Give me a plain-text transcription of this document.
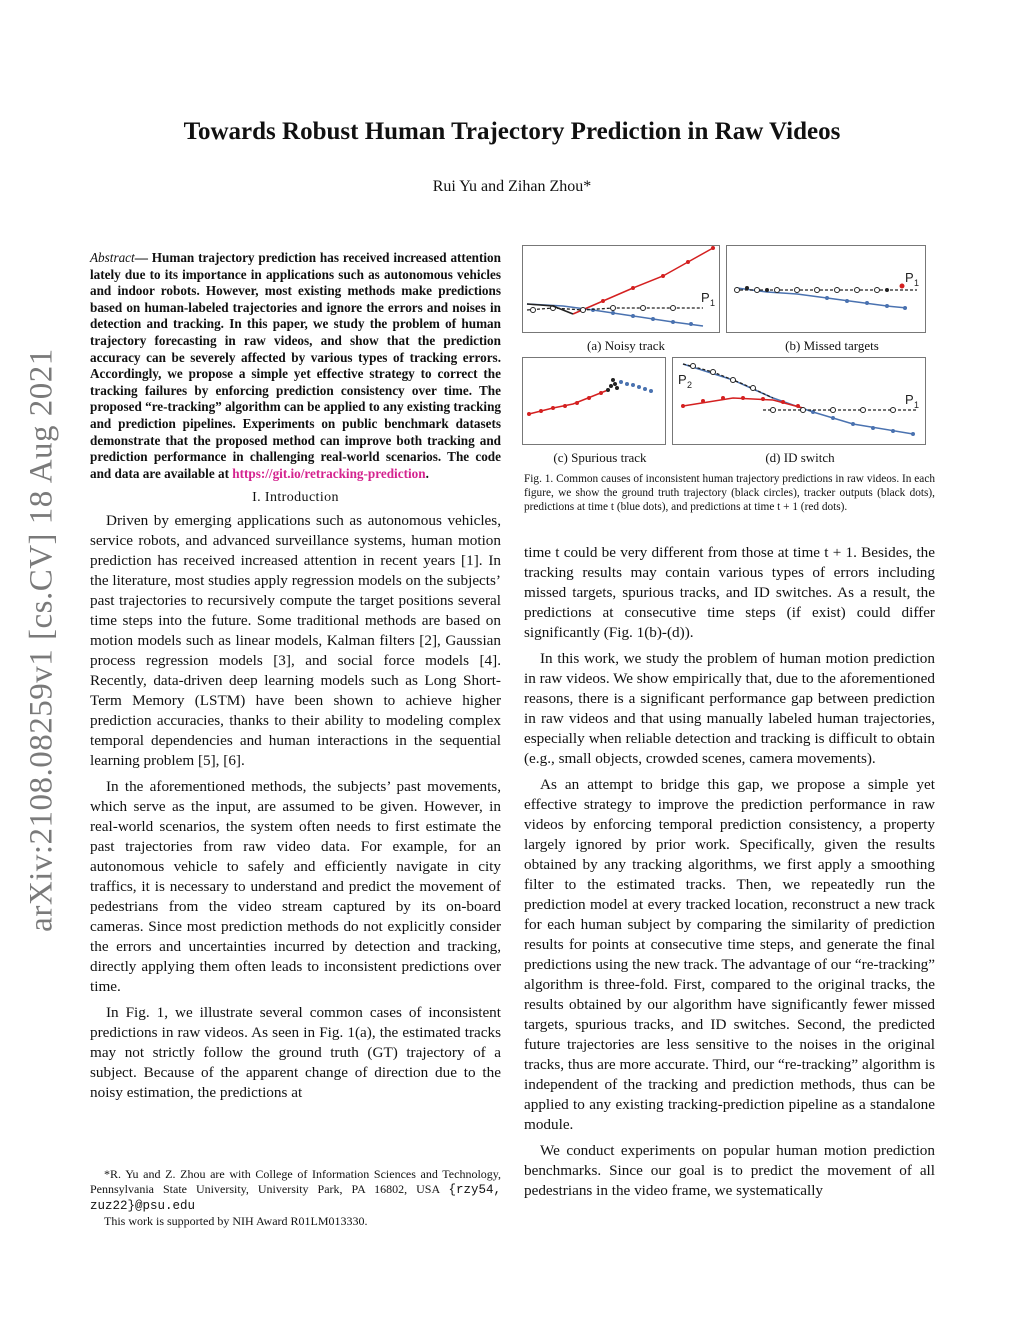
arXiv:2108.08259v1 [cs.CV] 18 Aug 2021
Towards Robust Human Trajectory Prediction in Raw Videos
Rui Yu and Zihan Zhou*
Abstract— Human trajectory prediction has received increased attention lately due to its importance in applications such as autonomous vehicles and indoor robots. However, most existing methods make predictions based on human-labeled trajectories and ignore the errors and noises in detection and tracking. In this paper, we study the problem of human trajectory forecasting in raw videos, and show that the prediction accuracy can be severely affected by various types of tracking errors. Accordingly, we propose a simple yet effective strategy to correct the tracking failures by enforcing prediction consistency over time. The proposed “re-tracking” algorithm can be applied to any existing tracking and prediction pipelines. Experiments on public benchmark datasets demonstrate that the proposed method can improve both tracking and prediction performance in challenging real-world scenarios. The code and data are available at https://git.io/retracking-prediction.
I. Introduction

Driven by emerging applications such as autonomous vehicles, service robots, and advanced surveillance systems, human motion prediction has received increased attention in recent years [1]. In the literature, most studies apply regression models on the subjects’ past trajectories to recursively compute the target positions several time steps into the future. Some traditional methods are based on motion models such as linear models, Kalman filters [2], Gaussian process regression models [3], and social force models [4]. Recently, data-driven deep learning models such as Long Short-Term Memory (LSTM) have been shown to achieve higher prediction accuracies, thanks to their ability to modeling complex temporal dependencies and human interactions in the sequential learning problem [5], [6].

In the aforementioned methods, the subjects’ past movements, which serve as the input, are assumed to be given. However, in real-world scenarios, the system often needs to first estimate the past trajectories from raw video data. For example, for an autonomous vehicle to safely and efficiently navigate in city traffics, it is necessary to understand and predict the movement of pedestrians from the video stream captured by its on-board cameras. Since most prediction methods do not explicitly consider the errors and uncertainties incurred by detection and tracking, directly applying them often leads to inconsistent predictions over time.

In Fig. 1, we illustrate several common cases of inconsistent predictions in raw videos. As seen in Fig. 1(a), the estimated tracks may not strictly follow the ground truth (GT) trajectory of a subject. Because of the apparent change of direction due to the noisy estimation, the predictions at

*R. Yu and Z. Zhou are with College of Information Sciences and Technology, Pennsylvania State University, University Park, PA 16802, USA {rzy54, zuz22}@psu.edu

This work is supported by NIH Award R01LM013330.

P 1
P 1
(a) Noisy track	(b) Missed targets
P 2
P 1
(c) Spurious track	(d) ID switch
Fig. 1. Common causes of inconsistent human trajectory predictions in raw videos. In each figure, we show the ground truth trajectory (black circles), tracker outputs (black dots), predictions at time t (blue dots), and predictions at time t + 1 (red dots).

time t could be very different from those at time t + 1. Besides, the tracking results may contain various types of errors including missed targets, spurious tracks, and ID switches. As a result, the predictions at consecutive time steps (if exist) could differ significantly (Fig. 1(b)-(d)).

In this work, we study the problem of human motion prediction in raw videos. We show empirically that, due to the aforementioned reasons, there is a significant performance gap between prediction in raw videos and that using manually labeled human trajectories, especially when reliable detection and tracking is difficult to obtain (e.g., small objects, crowded scenes, camera movements).

As an attempt to bridge this gap, we propose a simple yet effective strategy to improve the prediction performance in raw videos by enforcing temporal prediction consistency, a property largely ignored by prior work. Specifically, given the results obtained by any tracking algorithms, we first apply a smoothing filter to the estimated tracks. Then, we repeatedly run the prediction model at every tracked location, reconstruct a new track for each human subject by comparing the similarity of prediction results for points at consecutive time steps, and generate the final predictions using the new track. The advantage of our “re-tracking” algorithm is three-fold. First, compared to the original tracks, the results obtained by our algorithm have significantly fewer missed targets, spurious tracks, and ID switches. Second, the predicted future trajectories are less sensitive to the noises in the original tracks, thus are more accurate. Third, our “re-tracking” algorithm is independent of the tracking and prediction methods, thus can be applied to any existing tracking-prediction pipeline as a standalone module.

We conduct experiments on popular human motion prediction benchmarks. Since our goal is to predict the movement of all pedestrians in the video frame, we systematically
